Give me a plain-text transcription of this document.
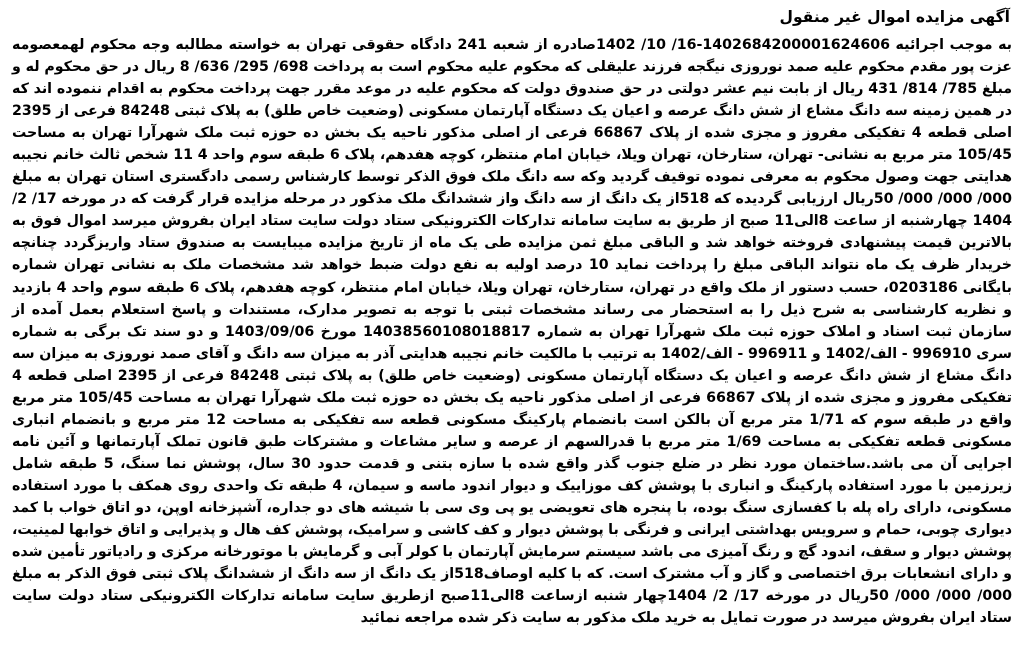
آگهی مزایده اموال غیر منقول

به موجب اجرائیه 140268420000162460‌6-16/ 10/ 1402صادره از شعبه 241 دادگاه حقوقی تهران به خواسته مطالبه وجه محکوم لهمعصومه عزت پور مقدم محکوم علیه صمد نوروزی نیگجه فرزند علیقلی که محکوم علیه محکوم است به پرداخت 698/ 295/ 636/ 8 ریال در حق محکوم له و مبلغ 785/ 814/ 431 ریال از بابت نیم عشر دولتی در حق صندوق دولت که محکوم علیه در موعد مقرر جهت پرداخت محکوم به اقدام ننموده اند که در همین زمینه سه دانگ مشاع از شش دانگ عرصه و اعیان یک دستگاه آپارتمان مسکونی (وضعیت خاص طلق) به پلاک ثبتی 84248 فرعی از 2395 اصلی قطعه 4 تفکیکی مفروز و مجزی شده از پلاک 66867 فرعی از اصلی مذکور ناحیه یک بخش ده حوزه ثبت ملک شهرآرا تهران به مساحت 105/45 متر مربع به نشانی- تهران، ستارخان، تهران ویلا، خیابان امام منتظر، کوچه هفدهم، پلاک 6 طبقه سوم واحد 4 11 شخص ثالث خانم نجیبه هدایتی جهت وصول محکوم به معرفی نموده توقیف گردید وکه سه دانگ ملک فوق الذکر توسط کارشناس رسمی دادگستری استان تهران به مبلغ 000/ 000/ 000/ 50ریال ارزیابی گردیده که 518از یک دانگ از سه دانگ واز ششدانگ ملک مذکور در مرحله مزایده قرار گرفت که در مورخه 17/ 2/ 1404 چهارشنبه از ساعت 8الی11 صبح از طریق به سایت سامانه تدارکات الکترونیکی ستاد دولت سایت ستاد ایران بفروش میرسد اموال فوق به بالاترین قیمت پیشنهادی فروخته خواهد شد و الباقی مبلغ ثمن مزایده طی یک ماه از تاریخ مزایده میبایست به صندوق ستاد واریزگردد چنانچه خریدار ظرف یک ماه نتواند الباقی مبلغ را پرداخت نماید 10 درصد اولیه به نفع دولت ضبط خواهد شد مشخصات ملک به نشانی تهران شماره بایگانی 0203186، حسب دستور از ملک واقع در تهران، ستارخان، تهران ویلا، خیابان امام منتظر، کوچه هفدهم، پلاک 6 طبقه سوم واحد 4 بازدید و نظریه کارشناسی به شرح ذیل را به استحضار می رساند مشخصات ثبتی با توجه به تصویر مدارک، مستندات و پاسخ استعلام بعمل آمده از سازمان ثبت اسناد و املاک حوزه ثبت ملک شهرآرا تهران به شماره 140385601080188‌17 مورخ 1403/09/06 و دو سند تک برگی به شماره سری 996910 - الف/1402 و 996911 - الف/1402 به ترتیب با مالکیت خانم نجیبه هدایتی آذر به میزان سه دانگ و آقای صمد نوروزی به میزان سه دانگ مشاع از شش دانگ عرصه و اعیان یک دستگاه آپارتمان مسکونی (وضعیت خاص طلق) به پلاک ثبتی 84248 فرعی از 2395 اصلی قطعه 4 تفکیکی مفروز و مجزی شده از پلاک 66867 فرعی از اصلی مذکور ناحیه یک بخش ده حوزه ثبت ملک شهرآرا تهران به مساحت 105/45 متر مربع واقع در طبقه سوم که 1/71 متر مربع آن بالکن است بانضمام پارکینگ مسکونی قطعه سه تفکیکی به مساحت 12 متر مربع و بانضمام انباری مسکونی قطعه تفکیکی به مساحت 1/69 متر مربع با قدرالسهم از عرصه و سایر مشاعات و مشترکات طبق قانون تملک آپارتمانها و آئین نامه اجرایی آن می باشد.ساختمان مورد نظر در ضلع جنوب گذر واقع شده با سازه بتنی و قدمت حدود 30 سال، پوشش نما سنگ، 5 طبقه شامل زیرزمین با مورد استفاده پارکینگ و انباری با پوشش کف موزاییک و دیوار اندود ماسه و سیمان، 4 طبقه تک واحدی روی همکف با مورد استفاده مسکونی، دارای راه پله با کفسازی سنگ بوده، با پنجره های تعویضی یو پی وی سی با شیشه های دو جداره، آشپزخانه اوپن، دو اتاق خواب با کمد دیواری چوبی، حمام و سرویس بهداشتی ایرانی و فرنگی با پوشش دیوار و کف کاشی و سرامیک، پوشش کف هال و پذیرایی و اتاق خوابها لمینیت، پوشش دیوار و سقف، اندود گچ و رنگ آمیزی می باشد سیستم سرمایش آپارتمان با کولر آبی و گرمایش با موتورخانه مرکزی و رادیاتور تأمین شده و دارای انشعابات برق اختصاصی و گاز و آب مشترک است. که با کلیه اوصاف518از یک دانگ از سه دانگ از ششدانگ پلاک ثبتی فوق الذکر به مبلغ 000/ 000/ 000/ 50ریال در مورخه 17/ 2/ 1404چهار شنبه ازساعت 8الی11صبح ازطریق سایت سامانه تدارکات الکترونیکی ستاد دولت سایت ستاد ایران بفروش میرسد در صورت تمایل به خرید ملک مذکور به سایت ذکر شده مراجعه نمائید
